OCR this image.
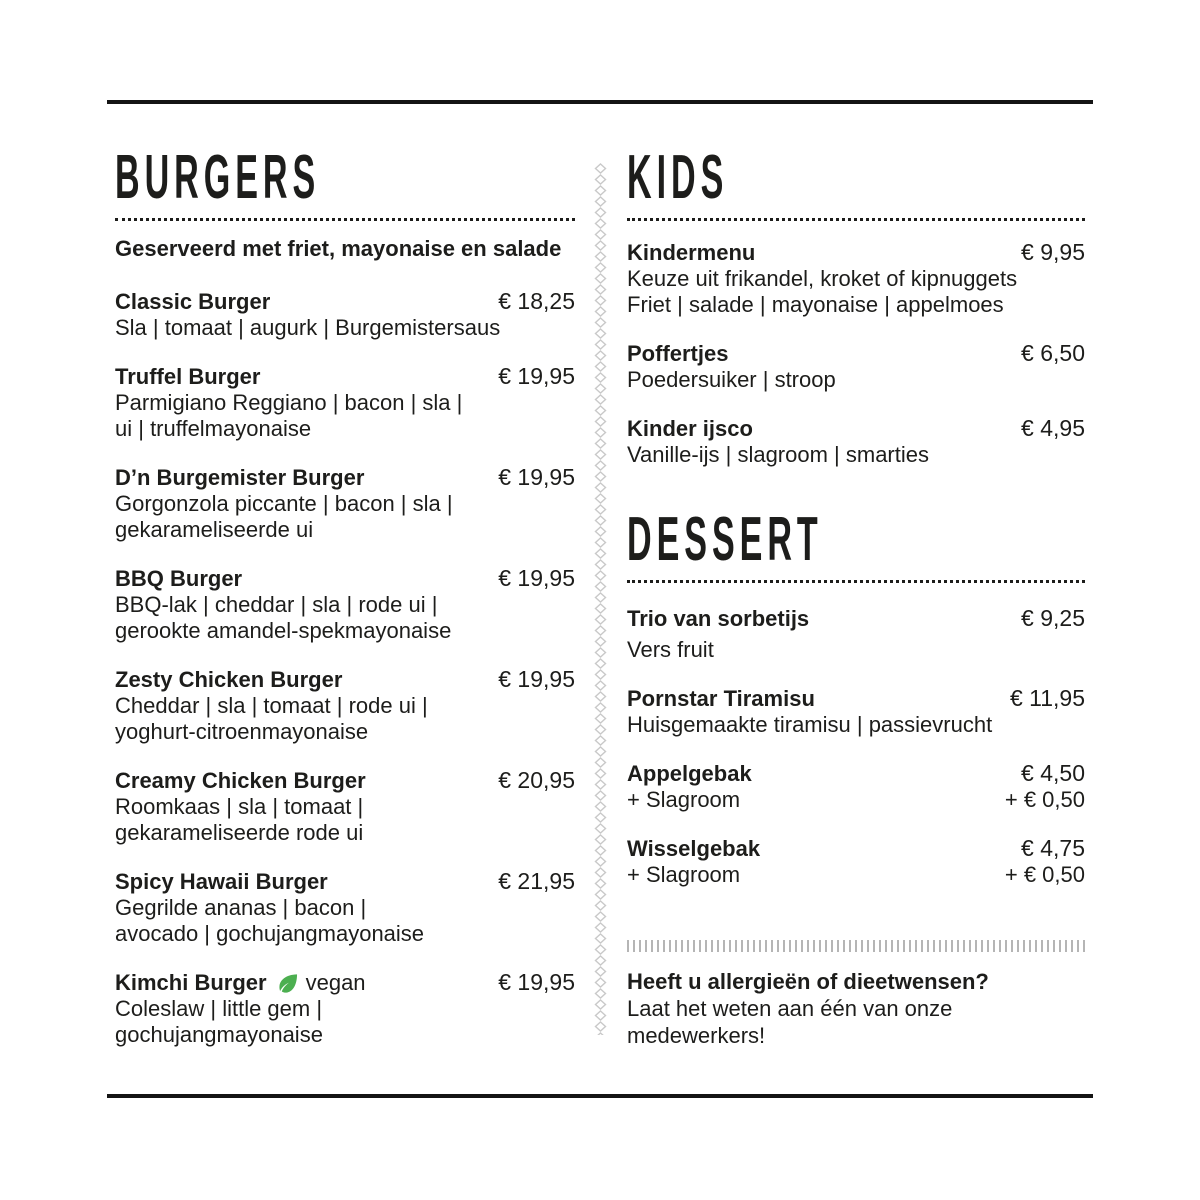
BURGERS

Geserveerd met friet, mayonaise en salade

Classic Burger	€ 18,25
Sla | tomaat | augurk | Burgemistersaus
Truffel Burger	€ 19,95
Parmigiano Reggiano | bacon | sla |
ui | truffelmayonaise
D’n Burgemister Burger	€ 19,95
Gorgonzola piccante | bacon | sla |
gekarameliseerde ui
BBQ Burger	€ 19,95
BBQ-lak | cheddar | sla | rode ui |
gerookte amandel-spekmayonaise
Zesty Chicken Burger	€ 19,95
Cheddar | sla | tomaat | rode ui |
yoghurt-citroenmayonaise
Creamy Chicken Burger	€ 20,95
Roomkaas | sla | tomaat |
gekarameliseerde rode ui
Spicy Hawaii Burger	€ 21,95
Gegrilde ananas | bacon |
avocado | gochujangmayonaise
Kimchi Burger vegan	€ 19,95
Coleslaw | little gem |
gochujangmayonaise
KIDS
Kindermenu	€ 9,95
Keuze uit frikandel, kroket of kipnuggets
Friet | salade | mayonaise | appelmoes
Poffertjes	€ 6,50
Poedersuiker | stroop
Kinder ijsco	€ 4,95
Vanille-ijs | slagroom | smarties
DESSERT
Trio van sorbetijs	€ 9,25
Vers fruit
Pornstar Tiramisu	€ 11,95
Huisgemaakte tiramisu | passievrucht
Appelgebak	€ 4,50
+ Slagroom	+ € 0,50
Wisselgebak	€ 4,75
+ Slagroom	+ € 0,50

Heeft u allergieën of dieetwensen?

Laat het weten aan één van onze
medewerkers!
